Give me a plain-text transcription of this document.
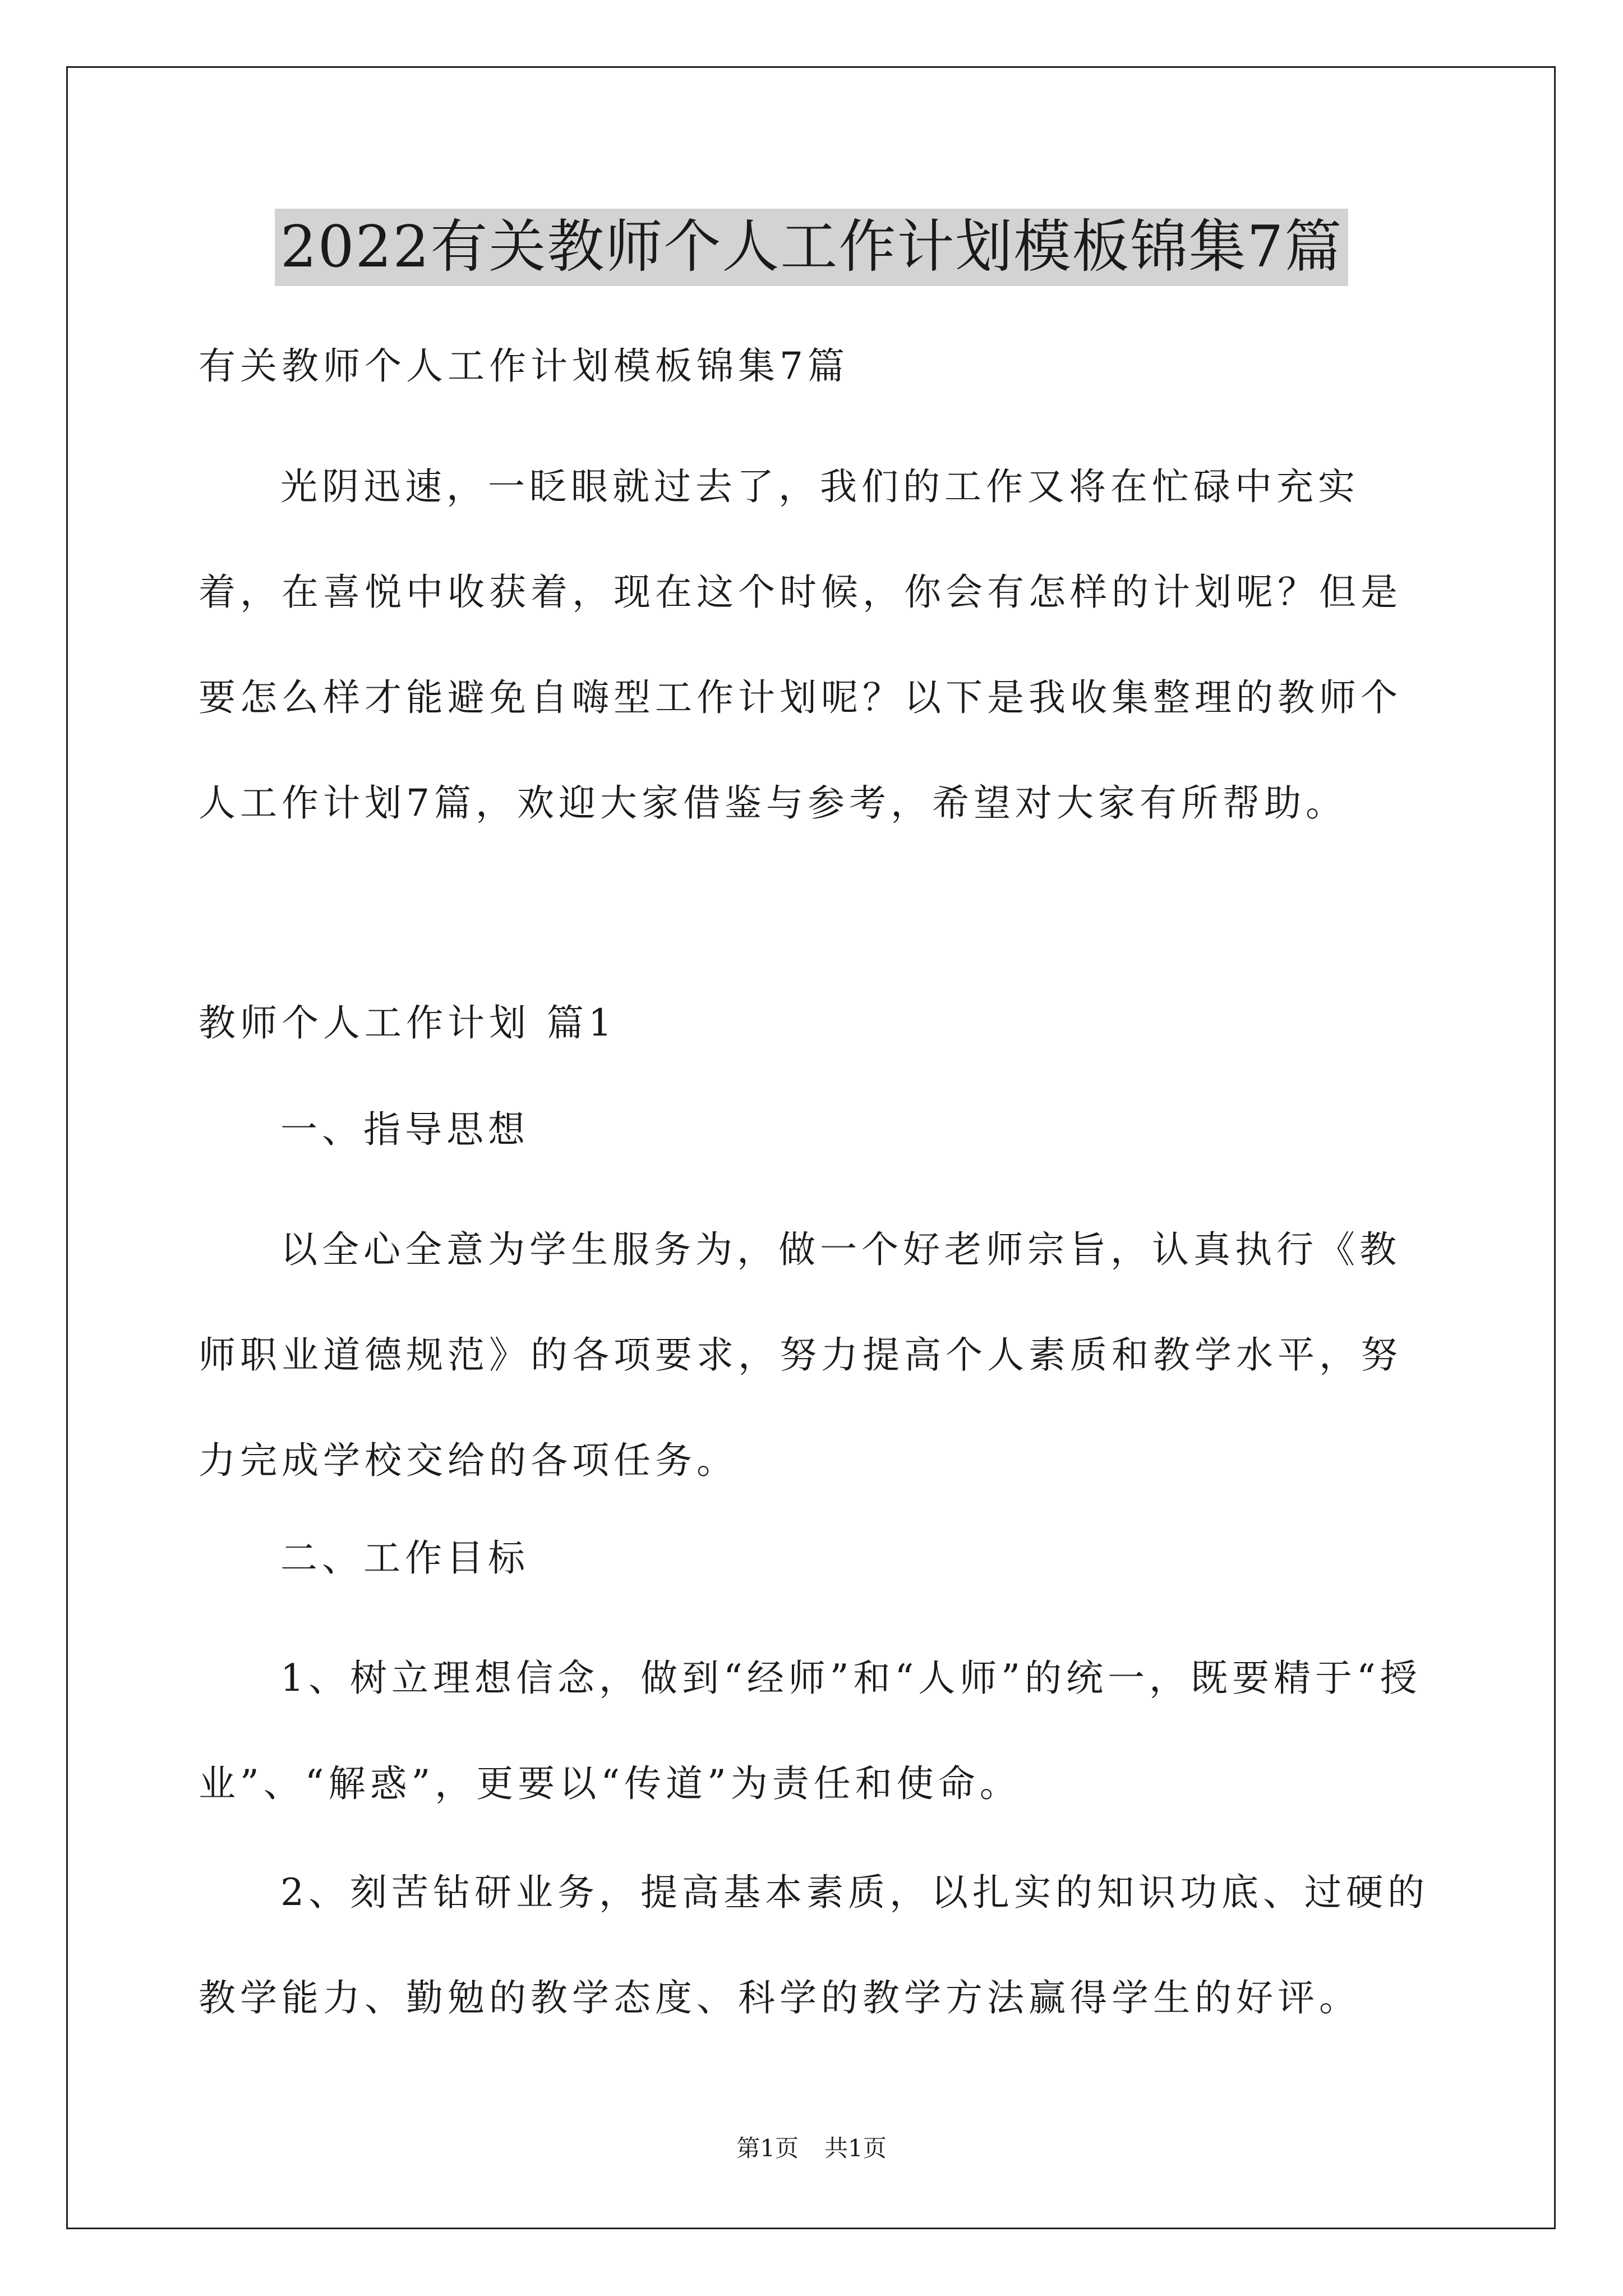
2022有关教师个人工作计划模板锦集7篇

有关教师个人工作计划模板锦集7篇

光阴迅速，一眨眼就过去了，我们的工作又将在忙碌中充实着，在喜悦中收获着，现在这个时候，你会有怎样的计划呢？但是要怎么样才能避免自嗨型工作计划呢？以下是我收集整理的教师个人工作计划7篇，欢迎大家借鉴与参考，希望对大家有所帮助。

教师个人工作计划 篇1

一、指导思想

以全心全意为学生服务为，做一个好老师宗旨，认真执行《教师职业道德规范》的各项要求，努力提高个人素质和教学水平，努力完成学校交给的各项任务。

二、工作目标

1、树立理想信念，做到“经师”和“人师”的统一，既要精于“授业”、“解惑”，更要以“传道”为责任和使命。

2、刻苦钻研业务，提高基本素质，以扎实的知识功底、过硬的教学能力、勤勉的教学态度、科学的教学方法赢得学生的好评。

第1页 共1页
